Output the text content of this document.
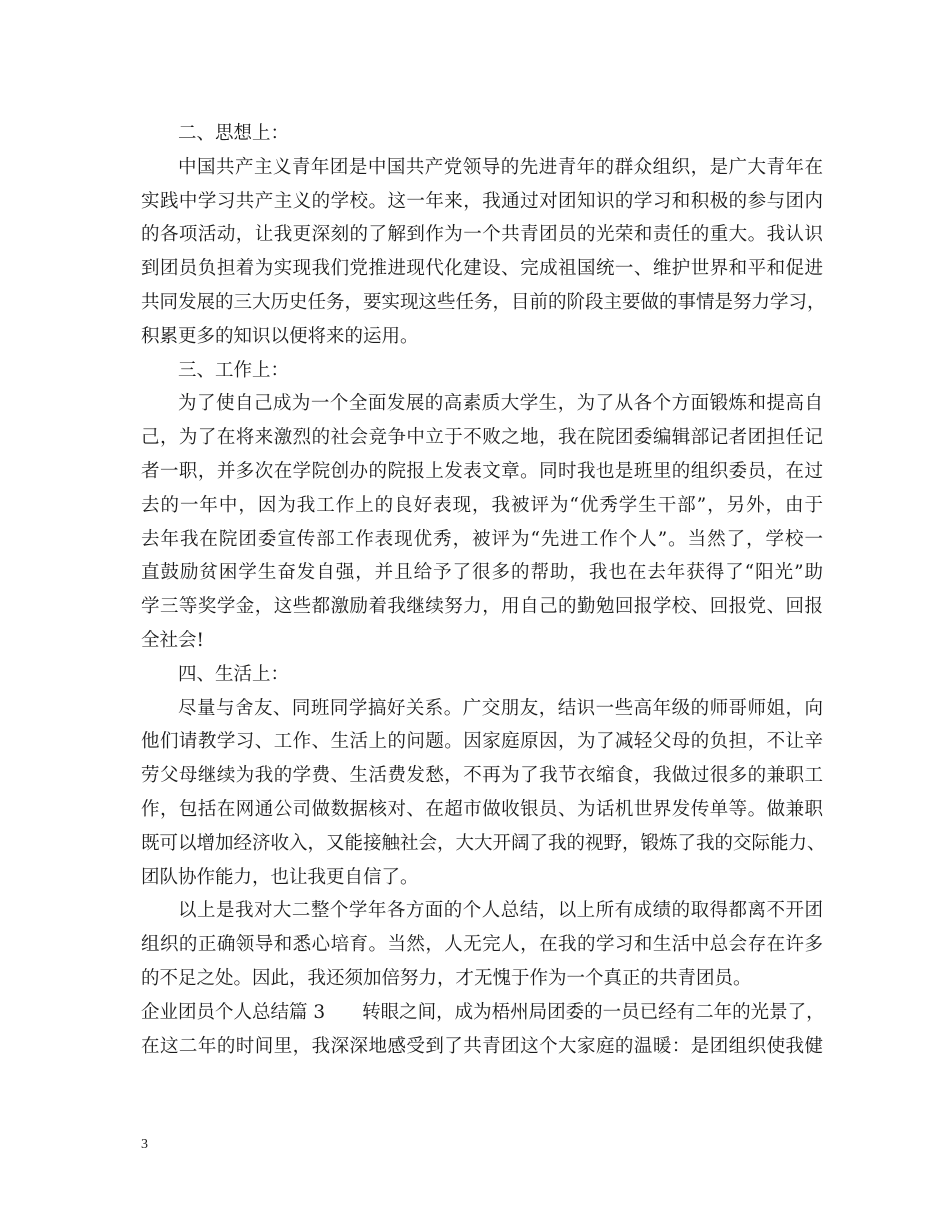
二、思想上：
中国共产主义青年团是中国共产党领导的先进青年的群众组织，是广大青年在
实践中学习共产主义的学校。这一年来，我通过对团知识的学习和积极的参与团内
的各项活动，让我更深刻的了解到作为一个共青团员的光荣和责任的重大。我认识
到团员负担着为实现我们党推进现代化建设、完成祖国统一、维护世界和平和促进
共同发展的三大历史任务，要实现这些任务，目前的阶段主要做的事情是努力学习，
积累更多的知识以便将来的运用。
三、工作上：
为了使自己成为一个全面发展的高素质大学生，为了从各个方面锻炼和提高自
己，为了在将来激烈的社会竞争中立于不败之地，我在院团委编辑部记者团担任记
者一职，并多次在学院创办的院报上发表文章。同时我也是班里的组织委员，在过
去的一年中，因为我工作上的良好表现，我被评为“优秀学生干部”，另外，由于
去年我在院团委宣传部工作表现优秀，被评为“先进工作个人”。当然了，学校一
直鼓励贫困学生奋发自强，并且给予了很多的帮助，我也在去年获得了“阳光”助
学三等奖学金，这些都激励着我继续努力，用自己的勤勉回报学校、回报党、回报
全社会!
四、生活上：
尽量与舍友、同班同学搞好关系。广交朋友，结识一些高年级的师哥师姐，向
他们请教学习、工作、生活上的问题。因家庭原因，为了减轻父母的负担，不让辛
劳父母继续为我的学费、生活费发愁，不再为了我节衣缩食，我做过很多的兼职工
作，包括在网通公司做数据核对、在超市做收银员、为话机世界发传单等。做兼职
既可以增加经济收入，又能接触社会，大大开阔了我的视野，锻炼了我的交际能力、
团队协作能力，也让我更自信了。
以上是我对大二整个学年各方面的个人总结，以上所有成绩的取得都离不开团
组织的正确领导和悉心培育。当然，人无完人，在我的学习和生活中总会存在许多
的不足之处。因此，我还须加倍努力，才无愧于作为一个真正的共青团员。
企业团员个人总结篇 3　　转眼之间，成为梧州局团委的一员已经有二年的光景了，
在这二年的时间里，我深深地感受到了共青团这个大家庭的温暖：是团组织使我健
3
